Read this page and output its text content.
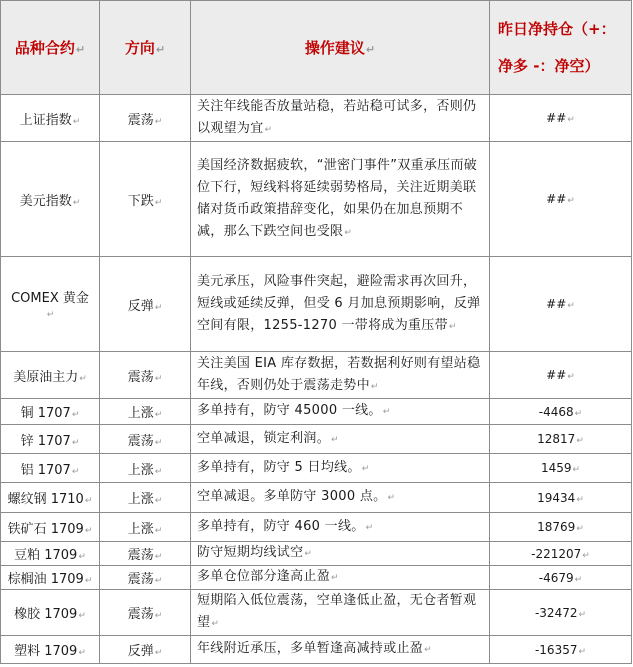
品种合约↵	方向↵	操作建议↵	昨日净持仓（+：
净多 -：净空）
上证指数↵	震荡↵	关注年线能否放量站稳，若站稳可试多，否则仍以观望为宜↵	##↵
美元指数↵	下跌↵	美国经济数据疲软，“泄密门事件”双重承压而破位下行，短线料将延续弱势格局，关注近期美联储对货币政策措辞变化，如果仍在加息预期不减，那么下跌空间也受限↵	##↵
COMEX 黄金↵	反弹↵	美元承压，风险事件突起，避险需求再次回升，短线或延续反弹，但受 6 月加息预期影响，反弹空间有限，1255-1270 一带将成为重压带↵	##↵
美原油主力↵	震荡↵	关注美国 EIA 库存数据，若数据利好则有望站稳年线，否则仍处于震荡走势中↵	##↵
铜 1707↵	上涨↵	多单持有，防守 45000 一线。↵	-4468↵
锌 1707↵	震荡↵	空单减退，锁定利润。↵	12817↵
铝 1707↵	上涨↵	多单持有，防守 5 日均线。↵	1459↵
螺纹钢 1710↵	上涨↵	空单减退。多单防守 3000 点。↵	19434↵
铁矿石 1709↵	上涨↵	多单持有，防守 460 一线。↵	18769↵
豆粕 1709↵	震荡↵	防守短期均线试空↵	-221207↵
棕榈油 1709↵	震荡↵	多单仓位部分逢高止盈↵	-4679↵
橡胶 1709↵	震荡↵	短期陷入低位震荡，空单逢低止盈，无仓者暂观望↵	-32472↵
塑料 1709↵	反弹↵	年线附近承压，多单暂逢高减持或止盈↵	-16357↵
